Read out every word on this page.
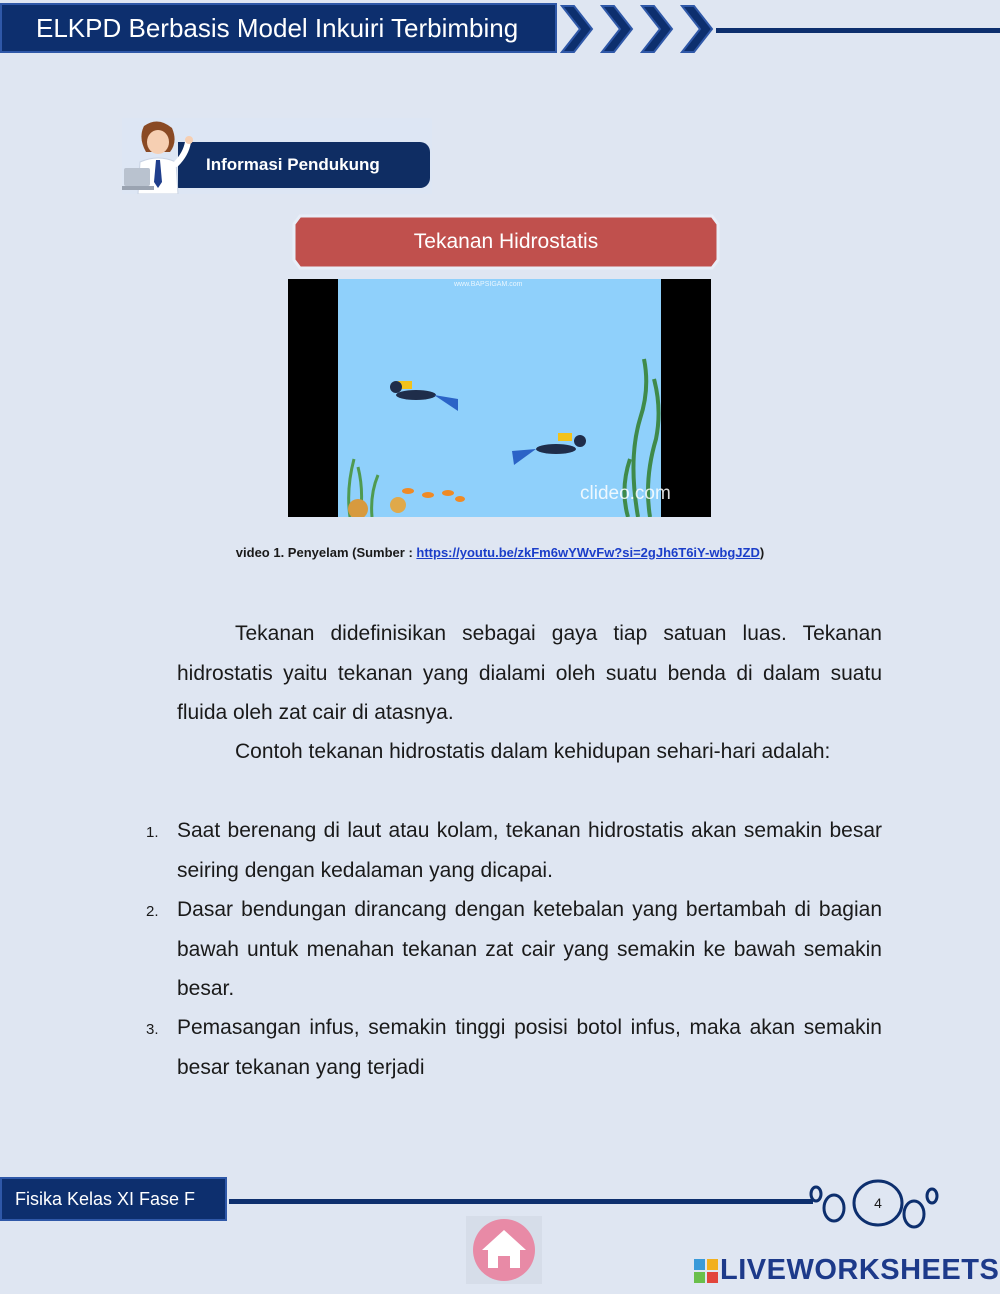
ELKPD Berbasis Model Inkuiri Terbimbing
Informasi Pendukung
Tekanan Hidrostatis
www.BAPSIGAM.com
clideo.com
video 1. Penyelam (Sumber : https://youtu.be/zkFm6wYWvFw?si=2gJh6T6iY-wbgJZD)
Tekanan didefinisikan sebagai gaya tiap satuan luas. Tekanan hidrostatis yaitu tekanan yang dialami oleh suatu benda di dalam suatu fluida oleh zat cair di atasnya.
Contoh tekanan hidrostatis dalam kehidupan sehari-hari adalah:
1. Saat berenang di laut atau kolam, tekanan hidrostatis akan semakin besar seiring dengan kedalaman yang dicapai.
2. Dasar bendungan dirancang dengan ketebalan yang bertambah di bagian bawah untuk menahan tekanan zat cair yang semakin ke bawah semakin besar.
3. Pemasangan infus, semakin tinggi posisi botol infus, maka akan semakin besar tekanan yang terjadi
Fisika Kelas XI Fase F	4
LIVEWORKSHEETS
